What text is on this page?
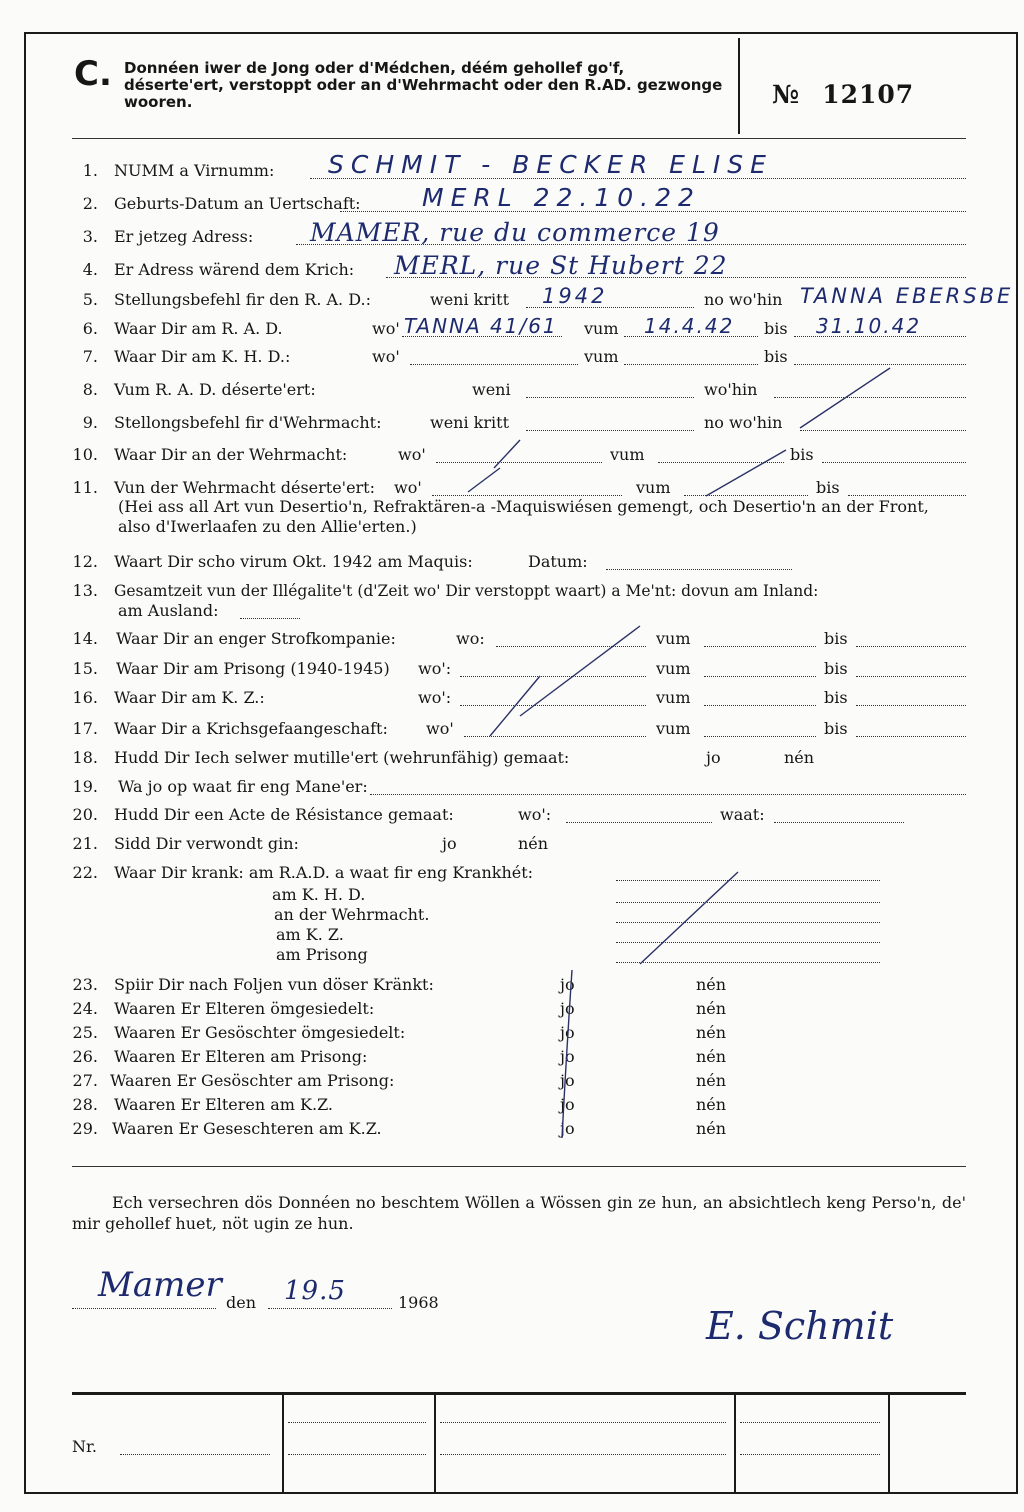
C. Donnéen iwer de Jong oder d'Médchen, déém gehollef go'f, déserte'ert, verstoppt oder an d'Wehrmacht oder den R.AD. gezwonge wooren.	№ 12107
1. NUMM a Virnumm: SCHMIT - BECKER ELISE
2. Geburts-Datum an Uertschaft: MERL 22.10.22
3. Er jetzeg Adress: MAMER, rue du commerce 19
4. Er Adress wärend dem Krich: MERL, rue St Hubert 22
5. Stellungsbefehl fir den R. A. D.:	weni kritt 1942	no wo'hin TANNA EBERSBE
6. Waar Dir am R. A. D.	wo' TANNA 41/61 vum 14.4.42 bis 31.10.42
7. Waar Dir am K. H. D.:	wo'	vum	bis
8. Vum R. A. D. déserte'ert:	weni	wo'hin
9. Stellongsbefehl fir d'Wehrmacht:	weni kritt	no wo'hin
10. Waar Dir an der Wehrmacht:	wo'	vum	bis
11. Vun der Wehrmacht déserte'ert: wo'	vum	bis
(Hei ass all Art vun Desertio'n, Refraktären-a -Maquiswiésen gemengt, och Desertio'n an der Front, also d'Iwerlaafen zu den Allie'erten.)
12. Waart Dir scho virum Okt. 1942 am Maquis:	Datum:
13. Gesamtzeit vun der Illégalite't (d'Zeit wo' Dir verstoppt waart) a Me'nt: dovun am Inland:
am Ausland:
14. Waar Dir an enger Strofkompanie:	wo:	vum	bis
15. Waar Dir am Prisong (1940-1945) wo':	vum	bis
16. Waar Dir am K. Z.:	wo':	vum	bis
17. Waar Dir a Krichsgefaangeschaft: wo'	vum	bis
18. Hudd Dir Iech selwer mutille'ert (wehrunfähig) gemaat:	jo	nén
19. Wa jo op waat fir eng Mane'er:
20. Hudd Dir een Acte de Résistance gemaat:	wo':	waat:
21. Sidd Dir verwondt gin:	jo	nén
22. Waar Dir krank: am R.A.D. a waat fir eng Krankhét:
am K. H. D.
an der Wehrmacht.
am K. Z.
am Prisong
23. Spiir Dir nach Foljen vun döser Kränkt:	jo	nén
24. Waaren Er Elteren ömgesiedelt:	jo	nén
25. Waaren Er Gesöschter ömgesiedelt:	jo	nén
26. Waaren Er Elteren am Prisong:	jo	nén
27. Waaren Er Gesöschter am Prisong:	jo	nén
28. Waaren Er Elteren am K.Z.	jo	nén
29. Waaren Er Geseschteren am K.Z.	jo	nén
Ech versechren dös Donnéen no beschtem Wöllen a Wössen gin ze hun, an absichtlech keng Perso'n, de' mir gehollef huet, nöt ugin ze hun.
Mamer den 19.5	1968
E. Schmit
Nr.
